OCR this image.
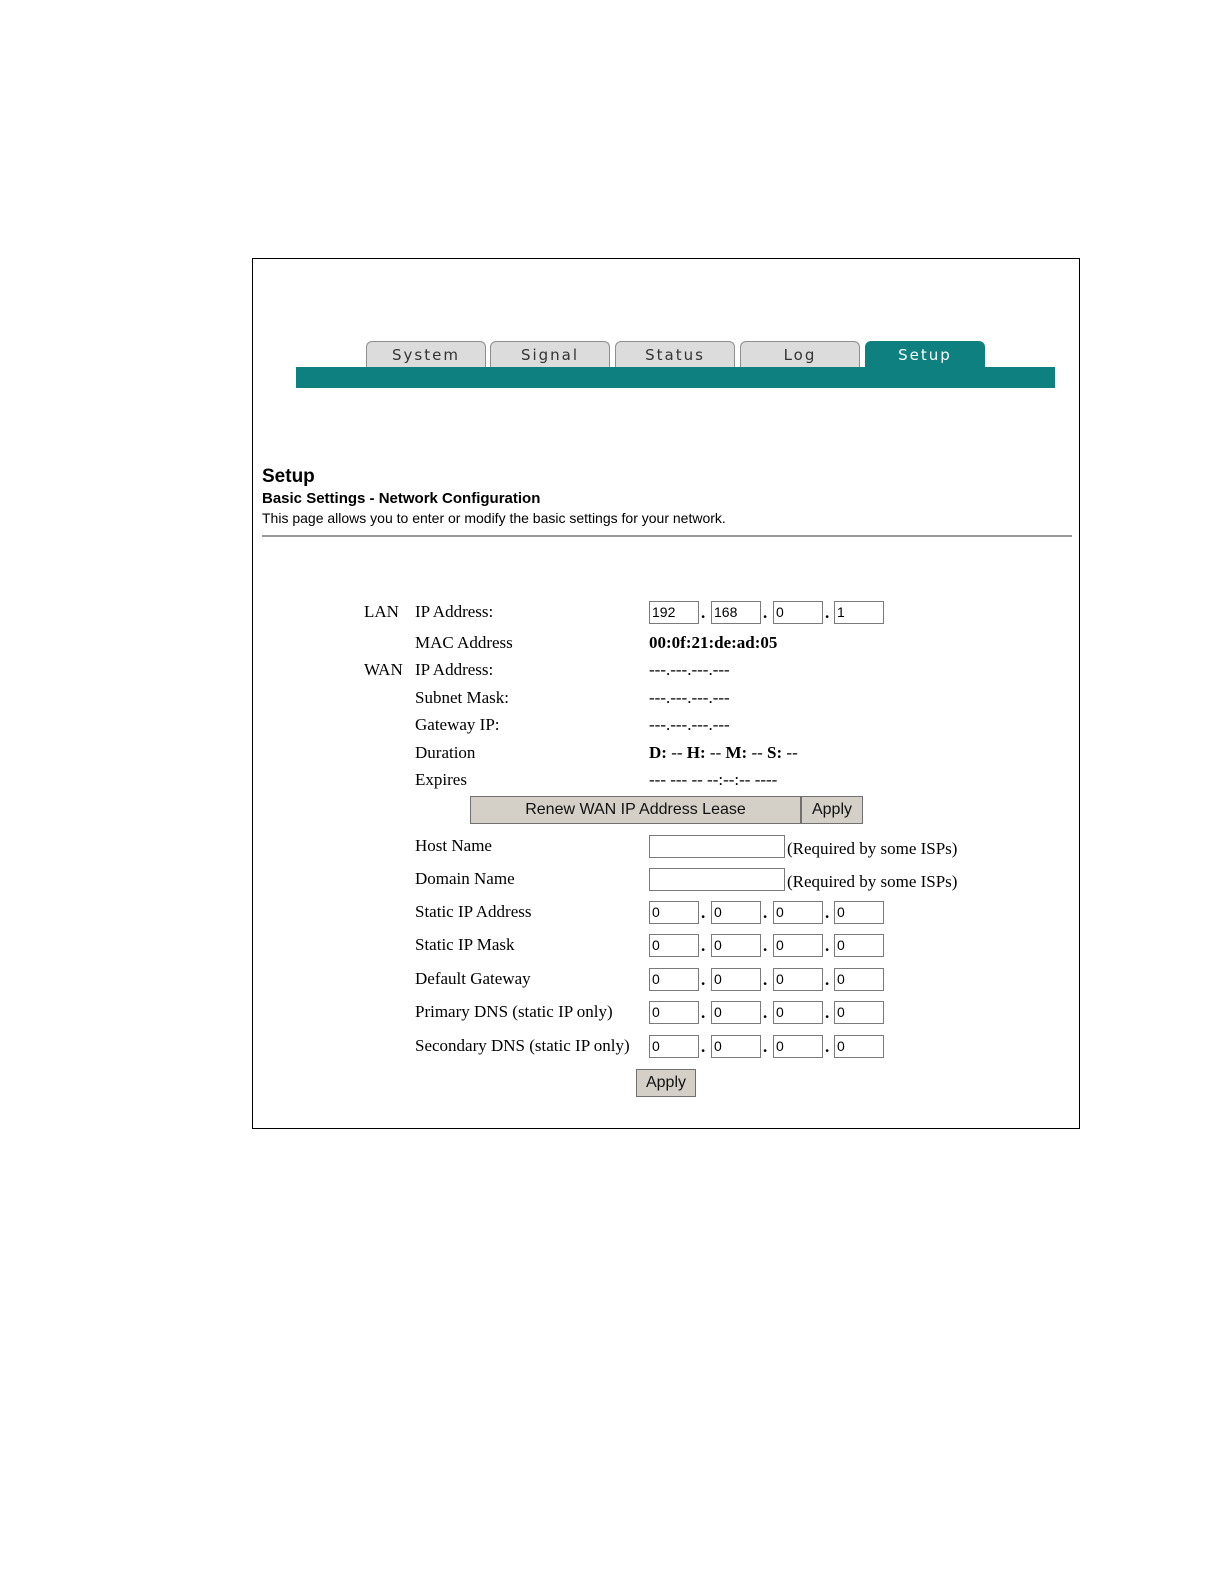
System	Signal	Status	Log	Setup
Setup
Basic Settings - Network Configuration
This page allows you to enter or modify the basic settings for your network.
LAN IP Address:	192	. 168	. 0	. 1
MAC Address	00:0f:21:de:ad:05
WAN IP Address:	---.---.---.---
Subnet Mask:	---.---.---.---
Gateway IP:	---.---.---.---
Duration	D: -- H: -- M: -- S: --
Expires	--- --- -- --:--:-- ----
Renew WAN IP Address Lease	Apply
Host Name	(Required by some ISPs)
Domain Name	(Required by some ISPs)
Static IP Address	0	. 0	. 0	. 0
Static IP Mask	0	. 0	. 0	. 0
Default Gateway	0	. 0	. 0	. 0
Primary DNS (static IP only)	0	. 0	. 0	. 0
Secondary DNS (static IP only) 0	. 0	. 0	. 0
Apply
